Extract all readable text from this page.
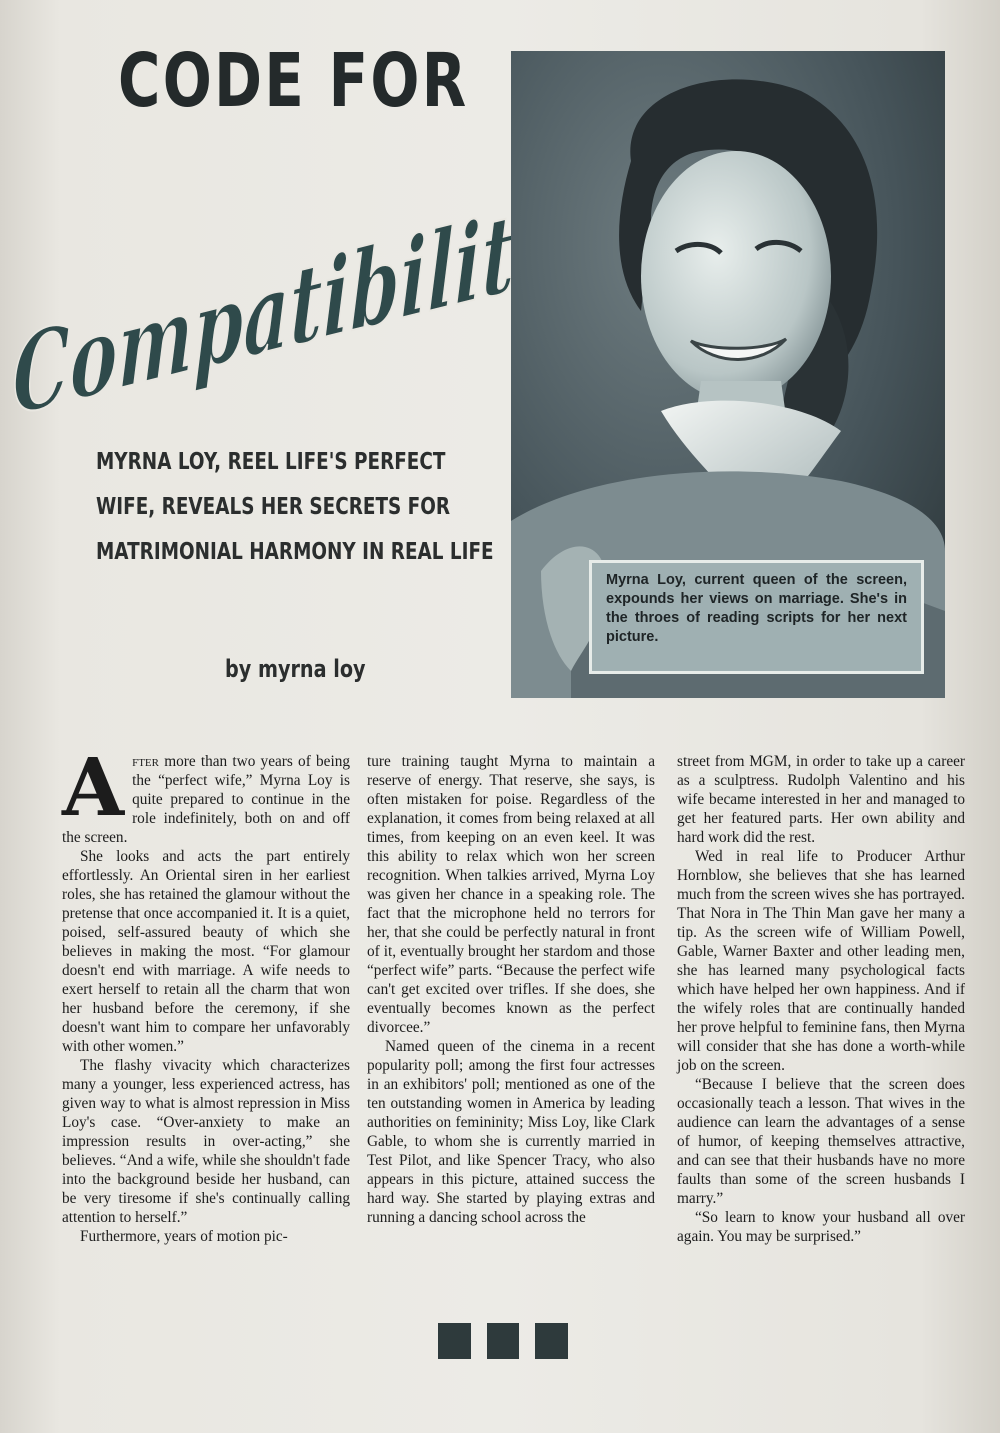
CODE FOR
Compatibility
MYRNA LOY, REEL LIFE'S PERFECT
WIFE, REVEALS HER SECRETS FOR
MATRIMONIAL HARMONY IN REAL LIFE
by myrna loy
Myrna Loy, current queen of the screen, expounds her views on marriage. She's in the throes of reading scripts for her next picture.

After more than two years of being the “perfect wife,” Myrna Loy is quite prepared to continue in the role indefinitely, both on and off the screen.

She looks and acts the part entirely effortlessly. An Oriental siren in her earliest roles, she has retained the glamour without the pretense that once accompanied it. It is a quiet, poised, self-assured beauty of which she believes in making the most. “For glamour doesn't end with marriage. A wife needs to exert herself to retain all the charm that won her husband before the ceremony, if she doesn't want him to compare her unfavorably with other women.”

The flashy vivacity which characterizes many a younger, less experienced actress, has given way to what is almost repression in Miss Loy's case. “Over-anxiety to make an impression results in over-acting,” she believes. “And a wife, while she shouldn't fade into the background beside her husband, can be very tiresome if she's continually calling attention to herself.”

Furthermore, years of motion pic-

ture training taught Myrna to maintain a reserve of energy. That reserve, she says, is often mistaken for poise. Regardless of the explanation, it comes from being relaxed at all times, from keeping on an even keel. It was this ability to relax which won her screen recognition. When talkies arrived, Myrna Loy was given her chance in a speaking role. The fact that the microphone held no terrors for her, that she could be perfectly natural in front of it, eventually brought her stardom and those “perfect wife” parts. “Because the perfect wife can't get excited over trifles. If she does, she eventually becomes known as the perfect divorcee.”

Named queen of the cinema in a recent popularity poll; among the first four actresses in an exhibitors' poll; mentioned as one of the ten outstanding women in America by leading authorities on femininity; Miss Loy, like Clark Gable, to whom she is currently married in Test Pilot, and like Spencer Tracy, who also appears in this picture, attained success the hard way. She started by playing extras and running a dancing school across the

street from MGM, in order to take up a career as a sculptress. Rudolph Valentino and his wife became interested in her and managed to get her featured parts. Her own ability and hard work did the rest.

Wed in real life to Producer Arthur Hornblow, she believes that she has learned much from the screen wives she has portrayed. That Nora in The Thin Man gave her many a tip. As the screen wife of William Powell, Gable, Warner Baxter and other leading men, she has learned many psychological facts which have helped her own happiness. And if the wifely roles that are continually handed her prove helpful to feminine fans, then Myrna will consider that she has done a worth-while job on the screen.

“Because I believe that the screen does occasionally teach a lesson. That wives in the audience can learn the advantages of a sense of humor, of keeping themselves attractive, and can see that their husbands have no more faults than some of the screen husbands I marry.”

“So learn to know your husband all over again. You may be surprised.”
